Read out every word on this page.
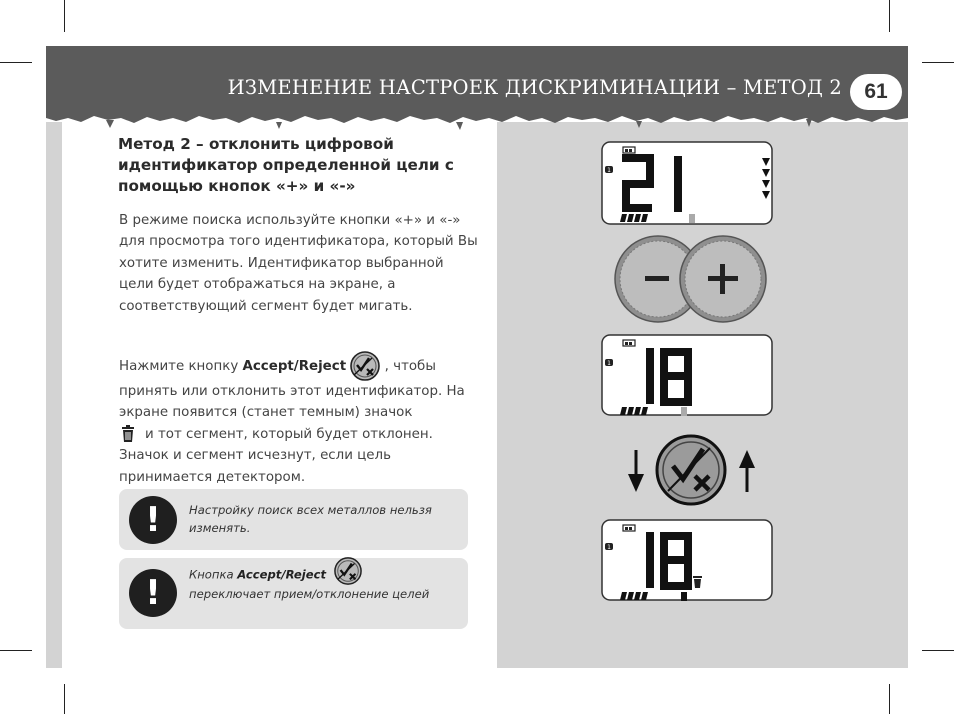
ИЗМЕНЕНИЕ НАСТРОЕК ДИСКРИМИНАЦИИ – МЕТОД 2	61
Метод 2 – отклонить цифровой идентификатор определенной цели с помощью кнопок «+» и «-»

В режиме поиска используйте кнопки «+» и «-» для просмотра того идентификатора, который Вы хотите изменить. Идентификатор выбранной цели будет отображаться на экране, а соответствующий сегмент будет мигать.

Нажмите кнопку Accept/Reject	, чтобы принять или отклонить этот идентификатор. На экране появится (станет темным) значок
и тот сегмент, который будет отклонен. Значок и сегмент исчезнут, если цель принимается детектором.

!	Настройку поиск всех металлов нельзя изменять.
!	Кнопка Accept/Reject
переключает прием/отклонение целей
1
1
1
